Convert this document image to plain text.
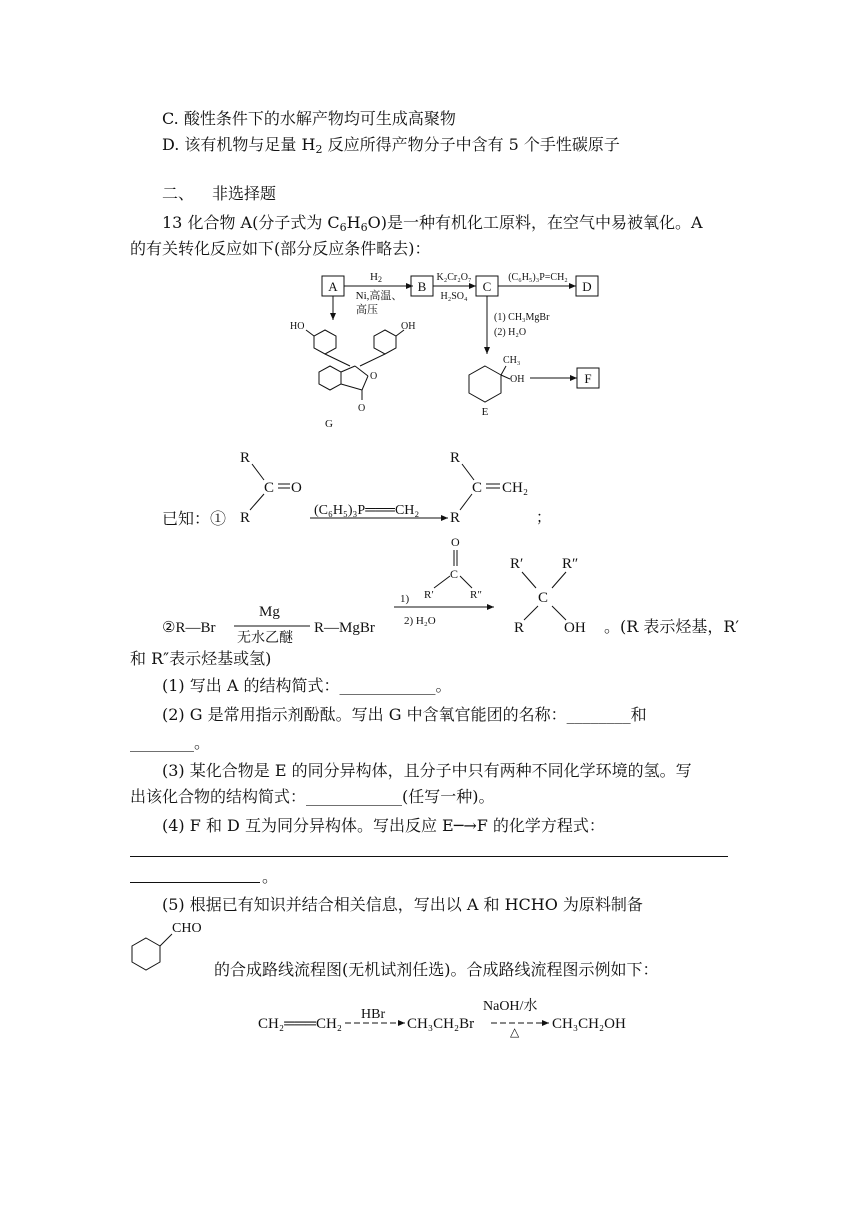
C. 酸性条件下的水解产物均可生成高聚物
D. 该有机物与足量 $H_2$ 反应所得产物分子中含有 5 个手性碳原子
二、 非选择题
13 化合物 A(分子式为 $C_6H_6O$)是一种有机化工原料，在空气中易被氧化。A
的有关转化反应如下(部分反应条件略去)：
A
H2
Ni,高温、
高压
B
K₂Cr₂O₇
H₂SO₄
C
(C₆H₅)₃P=CH₂
D
(1) CH₃MgBr
(2) H₂O
CH₃
OH
E
F
HO	OH
O
O
G
已知：①
R
C O
R	(C₆H₅)₃P═══CH₂
R
C CH₂
R	；
②R—Br
Mg
无水乙醚
R—MgBr
O
C
R′	R″
1)
2) H₂O
R′	R″
C
R	OH 。(R 表示烃基，R′
和 R″表示烃基或氢)
(1) 写出 A 的结构简式：____________。
(2) G 是常用指示剂酚酞。写出 G 中含氧官能团的名称：________和
________。
(3) 某化合物是 E 的同分异构体，且分子中只有两种不同化学环境的氢。写
出该化合物的结构简式：____________(任写一种)。
(4) F 和 D 互为同分异构体。写出反应 E─→F 的化学方程式：
。
(5) 根据已有知识并结合相关信息，写出以 A 和 HCHO 为原料制备
CHO
的合成路线流程图(无机试剂任选)。合成路线流程图示例如下：
CH₂═══CH₂
HBr
CH₃CH₂Br
NaOH/水
△ CH₃CH₂OH
